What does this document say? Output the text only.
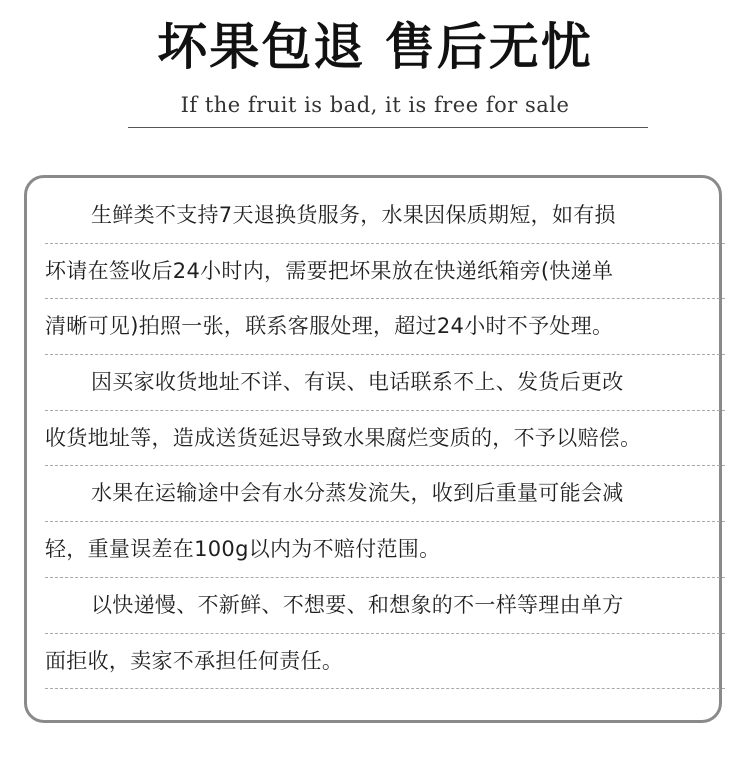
坏果包退 售后无忧
If the fruit is bad, it is free for sale
生鲜类不支持7天退换货服务，水果因保质期短，如有损
坏请在签收后24小时内，需要把坏果放在快递纸箱旁(快递单
清晰可见)拍照一张，联系客服处理，超过24小时不予处理。
因买家收货地址不详、有误、电话联系不上、发货后更改
收货地址等，造成送货延迟导致水果腐烂变质的，不予以赔偿。
水果在运输途中会有水分蒸发流失，收到后重量可能会减
轻，重量误差在100g以内为不赔付范围。
以快递慢、不新鲜、不想要、和想象的不一样等理由单方
面拒收，卖家不承担任何责任。
